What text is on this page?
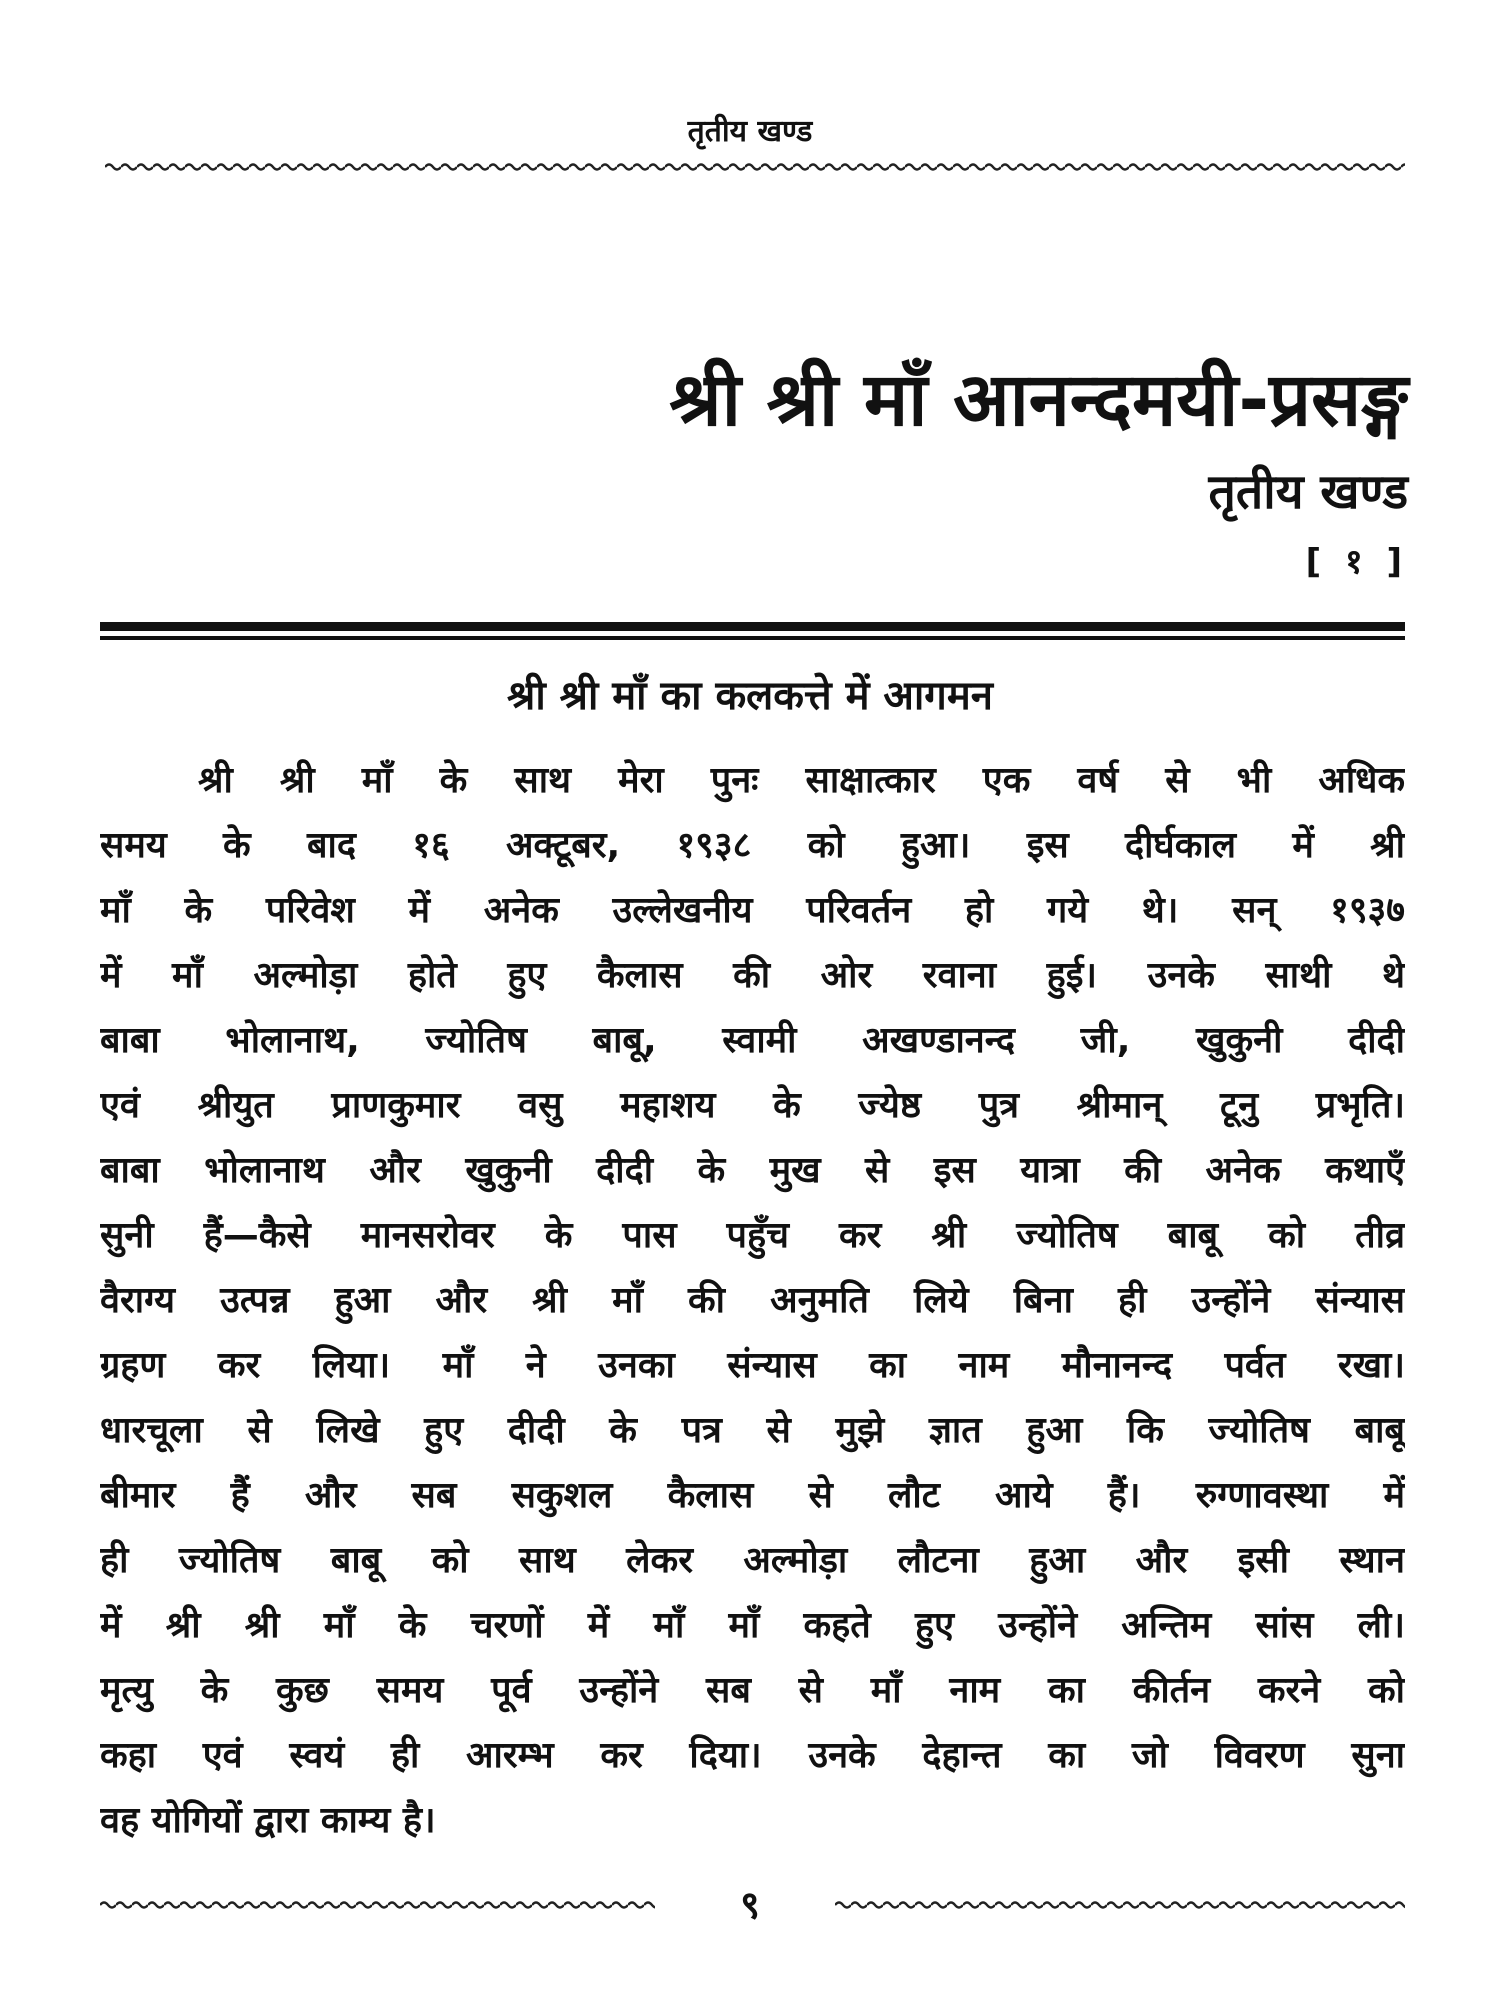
तृतीय खण्ड
श्री श्री माँ आनन्दमयी-प्रसङ्ग
तृतीय खण्ड
[ १ ]
श्री श्री माँ का कलकत्ते में आगमन
श्री श्री माँ के साथ मेरा पुनः साक्षात्कार एक वर्ष से भी अधिक
समय के बाद १६ अक्टूबर, १९३८ को हुआ। इस दीर्घकाल में श्री
माँ के परिवेश में अनेक उल्लेखनीय परिवर्तन हो गये थे। सन् १९३७
में माँ अल्मोड़ा होते हुए कैलास की ओर रवाना हुई। उनके साथी थे
बाबा भोलानाथ, ज्योतिष बाबू, स्वामी अखण्डानन्द जी, खुकुनी दीदी
एवं श्रीयुत प्राणकुमार वसु महाशय के ज्येष्ठ पुत्र श्रीमान् टूनु प्रभृति।
बाबा भोलानाथ और खुकुनी दीदी के मुख से इस यात्रा की अनेक कथाएँ
सुनी हैं—कैसे मानसरोवर के पास पहुँच कर श्री ज्योतिष बाबू को तीव्र
वैराग्य उत्पन्न हुआ और श्री माँ की अनुमति लिये बिना ही उन्होंने संन्यास
ग्रहण कर लिया। माँ ने उनका संन्यास का नाम मौनानन्द पर्वत रखा।
धारचूला से लिखे हुए दीदी के पत्र से मुझे ज्ञात हुआ कि ज्योतिष बाबू
बीमार हैं और सब सकुशल कैलास से लौट आये हैं। रुग्णावस्था में
ही ज्योतिष बाबू को साथ लेकर अल्मोड़ा लौटना हुआ और इसी स्थान
में श्री श्री माँ के चरणों में माँ माँ कहते हुए उन्होंने अन्तिम सांस ली।
मृत्यु के कुछ समय पूर्व उन्होंने सब से माँ नाम का कीर्तन करने को
कहा एवं स्वयं ही आरम्भ कर दिया। उनके देहान्त का जो विवरण सुना
वह योगियों द्वारा काम्य है।
९
